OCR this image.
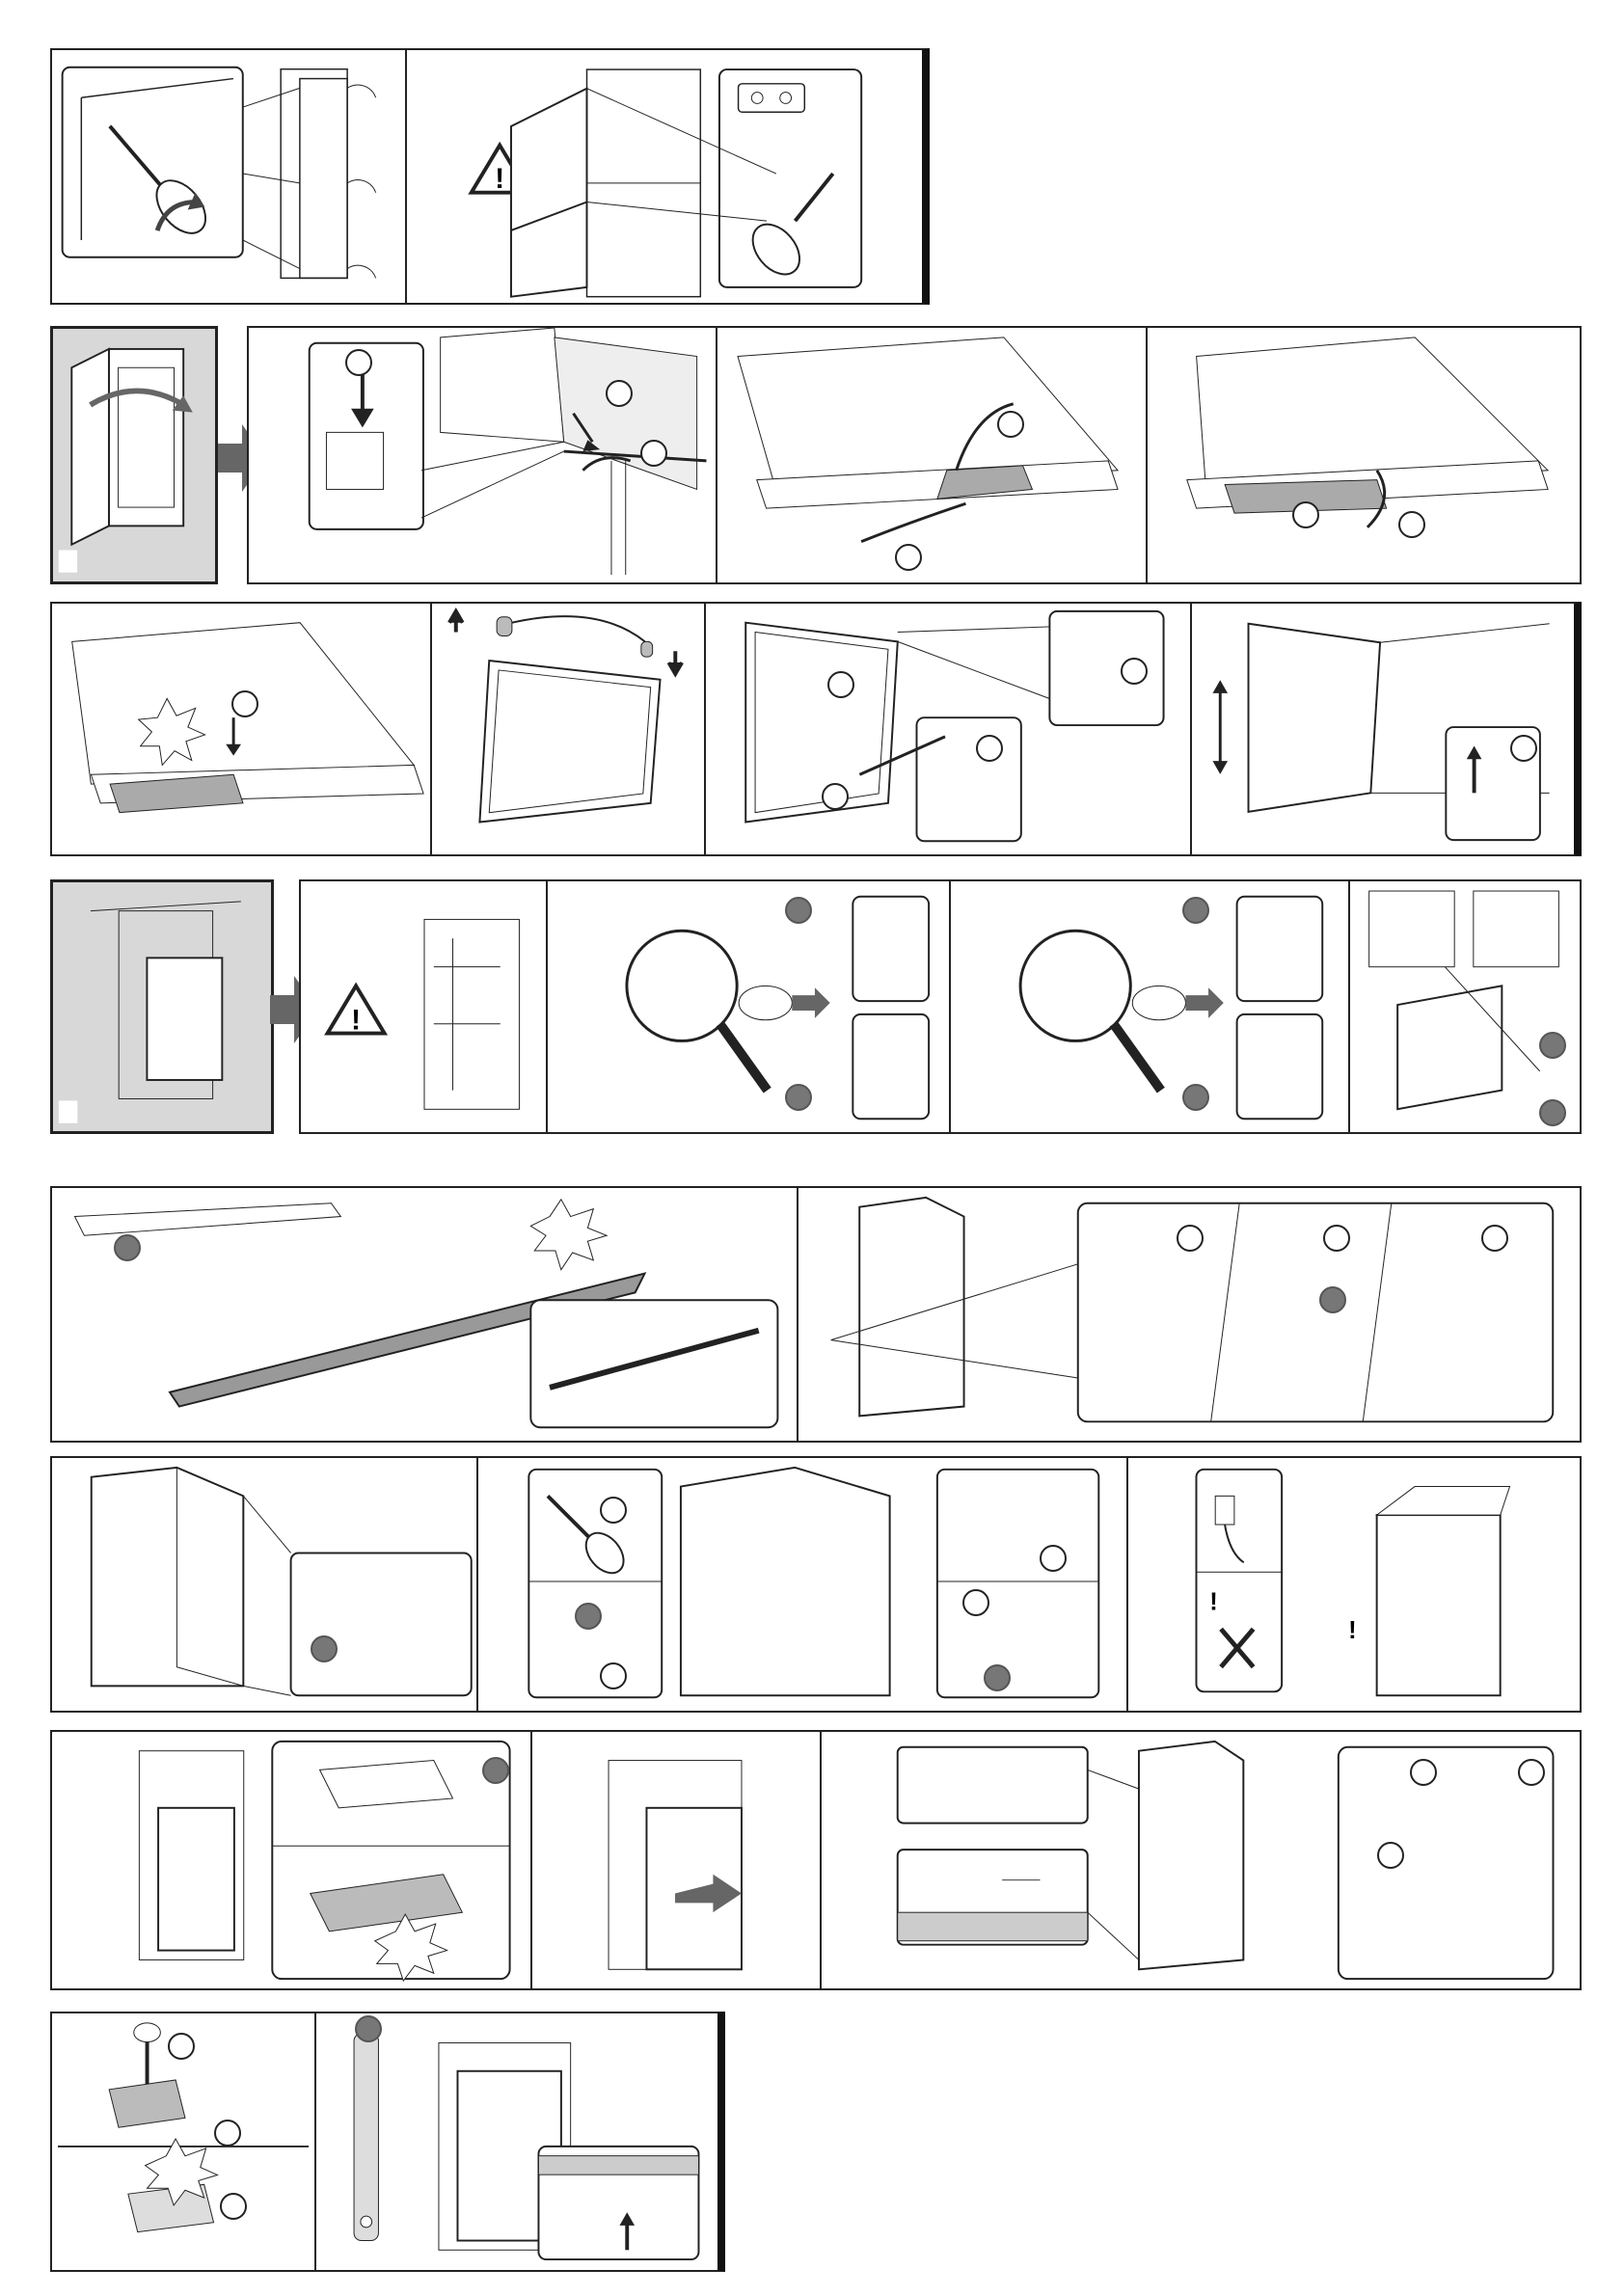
!
!
!
!
